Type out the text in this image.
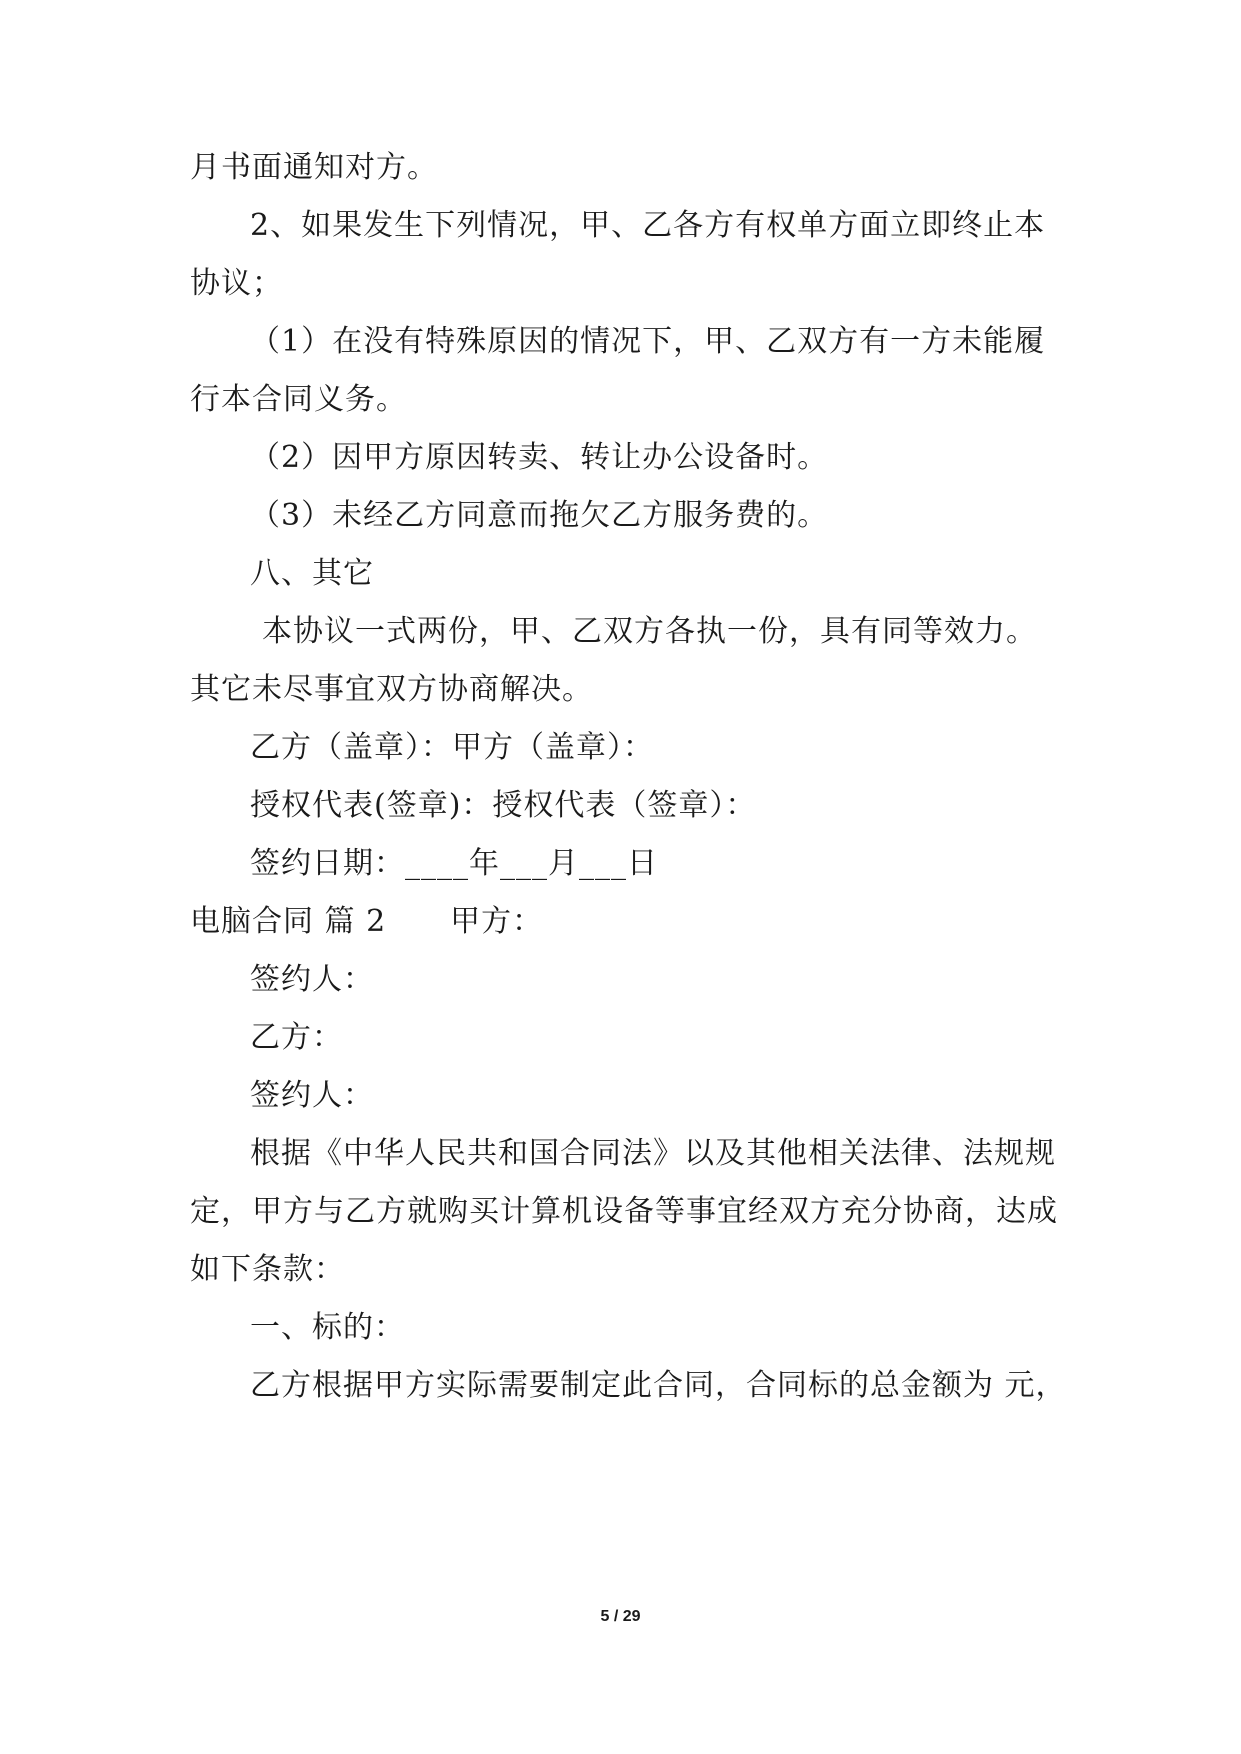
月书面通知对方。
2、如果发生下列情况，甲、乙各方有权单方面立即终止本
协议；
（1）在没有特殊原因的情况下，甲、乙双方有一方未能履
行本合同义务。
（2）因甲方原因转卖、转让办公设备时。
（3）未经乙方同意而拖欠乙方服务费的。
八、其它
本协议一式两份，甲、乙双方各执一份，具有同等效力。
其它未尽事宜双方协商解决。
乙方（盖章）：甲方（盖章）：
授权代表(签章)：授权代表（签章）：
签约日期：____年___月___日
电脑合同 篇 2 甲方：
签约人：
乙方：
签约人：
根据《中华人民共和国合同法》以及其他相关法律、法规规
定，甲方与乙方就购买计算机设备等事宜经双方充分协商，达成
如下条款：
一、标的：
乙方根据甲方实际需要制定此合同，合同标的总金额为 元，
5 / 29
